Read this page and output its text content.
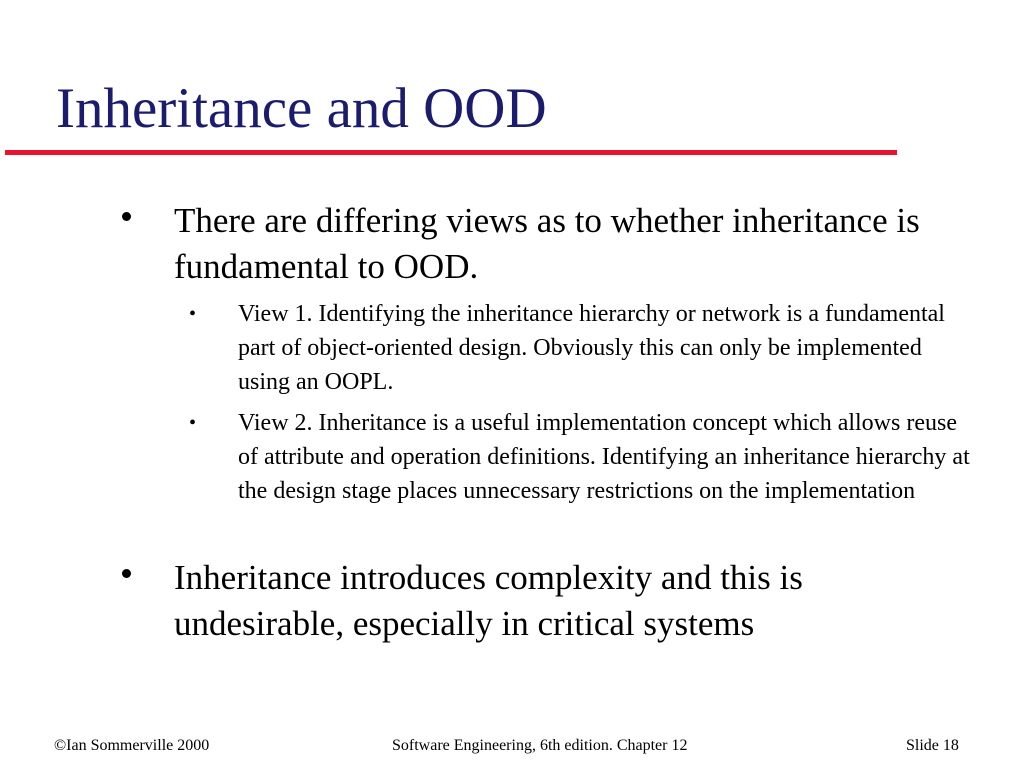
Inheritance and OOD
There are differing views as to whether inheritance is fundamental to OOD.
• View 1. Identifying the inheritance hierarchy or network is a fundamental part of object-oriented design. Obviously this can only be implemented using an OOPL.
• View 2. Inheritance is a useful implementation concept which allows reuse of attribute and operation definitions. Identifying an inheritance hierarchy at the design stage places unnecessary restrictions on the implementation
Inheritance introduces complexity and this is undesirable, especially in critical systems
©Ian Sommerville 2000	Software Engineering, 6th edition. Chapter 12	Slide 18
